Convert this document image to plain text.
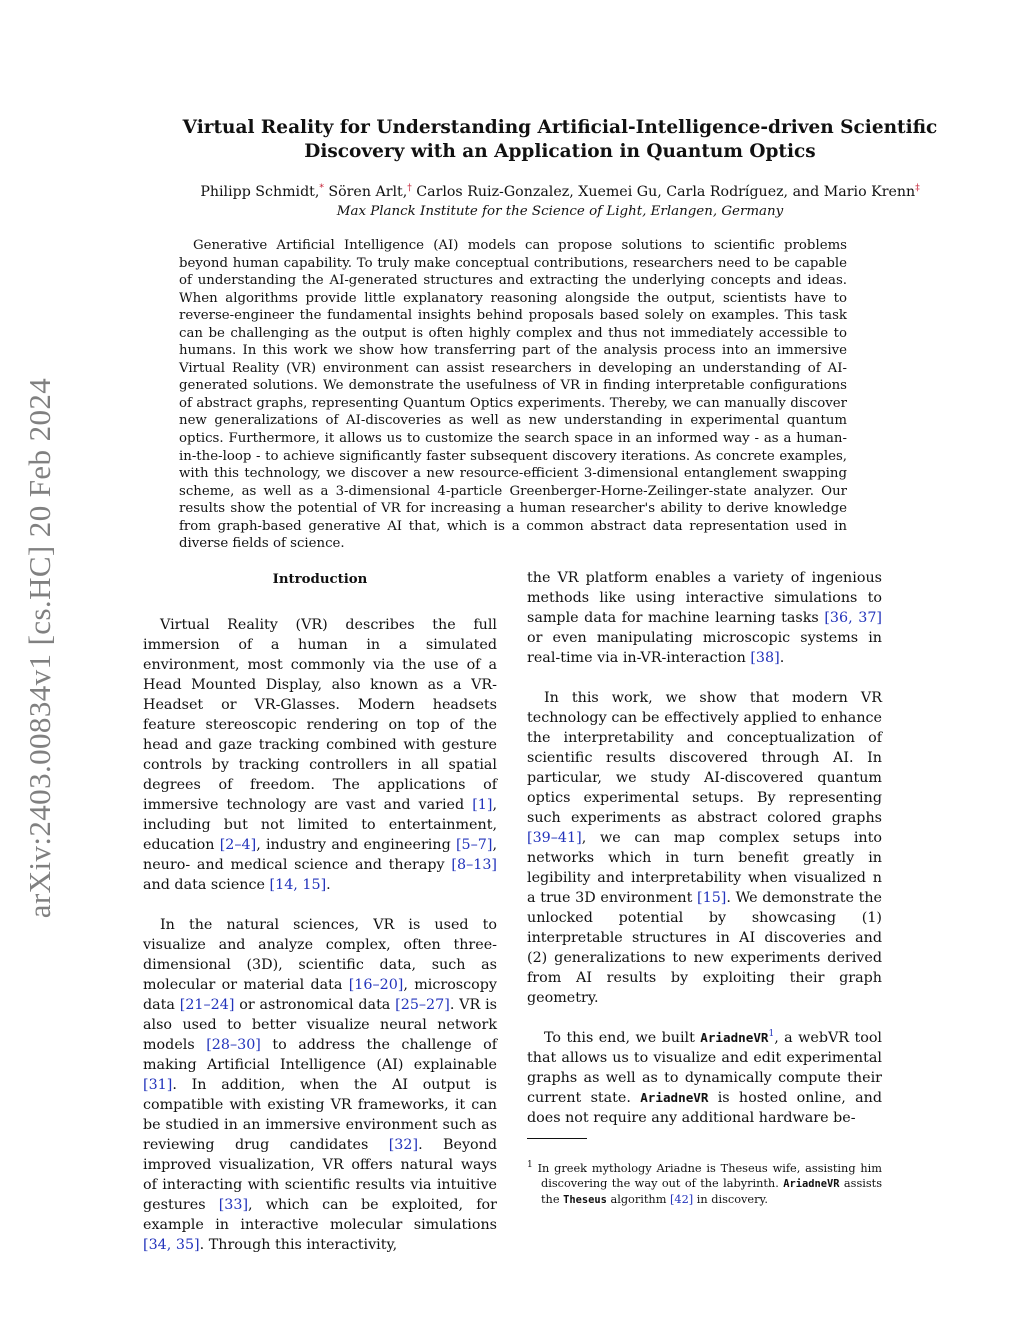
arXiv:2403.00834v1 [cs.HC] 20 Feb 2024
Virtual Reality for Understanding Artificial-Intelligence-driven Scientific
Discovery with an Application in Quantum Optics
Philipp Schmidt,* Sören Arlt,† Carlos Ruiz-Gonzalez, Xuemei Gu, Carla Rodríguez, and Mario Krenn‡
Max Planck Institute for the Science of Light, Erlangen, Germany

Generative Artificial Intelligence (AI) models can propose solutions to scientific problems beyond human capability. To truly make conceptual contributions, researchers need to be capable of understanding the AI-generated structures and extracting the underlying concepts and ideas. When algorithms provide little explanatory reasoning alongside the output, scientists have to reverse-engineer the fundamental insights behind proposals based solely on examples. This task can be challenging as the output is often highly complex and thus not immediately accessible to humans. In this work we show how transferring part of the analysis process into an immersive Virtual Reality (VR) environment can assist researchers in developing an understanding of AI-generated solutions. We demonstrate the usefulness of VR in finding interpretable configurations of abstract graphs, representing Quantum Optics experiments. Thereby, we can manually discover new generalizations of AI-discoveries as well as new understanding in experimental quantum optics. Furthermore, it allows us to customize the search space in an informed way - as a human-in-the-loop - to achieve significantly faster subsequent discovery iterations. As concrete examples, with this technology, we discover a new resource-efficient 3-dimensional entanglement swapping scheme, as well as a 3-dimensional 4-particle Greenberger-Horne-Zeilinger-state analyzer. Our results show the potential of VR for increasing a human researcher's ability to derive knowledge from graph-based generative AI that, which is a common abstract data representation used in diverse fields of science.

Introduction

Virtual Reality (VR) describes the full immersion of a human in a simulated environment, most commonly via the use of a Head Mounted Display, also known as a VR-Headset or VR-Glasses. Modern headsets feature stereoscopic rendering on top of the head and gaze tracking combined with gesture controls by tracking controllers in all spatial degrees of freedom. The applications of immersive technology are vast and varied [1], including but not limited to entertainment, education [2–4], industry and engineering [5–7], neuro- and medical science and therapy [8–13] and data science [14, 15].

In the natural sciences, VR is used to visualize and analyze complex, often three-dimensional (3D), scientific data, such as molecular or material data [16–20], microscopy data [21–24] or astronomical data [25–27]. VR is also used to better visualize neural network models [28–30] to address the challenge of making Artificial Intelligence (AI) explainable [31]. In addition, when the AI output is compatible with existing VR frameworks, it can be studied in an immersive environment such as reviewing drug candidates [32]. Beyond improved visualization, VR offers natural ways of interacting with scientific results via intuitive gestures [33], which can be exploited, for example in interactive molecular simulations [34, 35]. Through this interactivity,

the VR platform enables a variety of ingenious methods like using interactive simulations to sample data for machine learning tasks [36, 37] or even manipulating microscopic systems in real-time via in-VR-interaction [38].

In this work, we show that modern VR technology can be effectively applied to enhance the interpretability and conceptualization of scientific results discovered through AI. In particular, we study AI-discovered quantum optics experimental setups. By representing such experiments as abstract colored graphs [39–41], we can map complex setups into networks which in turn benefit greatly in legibility and interpretability when visualized n a true 3D environment [15]. We demonstrate the unlocked potential by showcasing (1) interpretable structures in AI discoveries and (2) generalizations to new experiments derived from AI results by exploiting their graph geometry.

To this end, we built AriadneVR$^1$, a webVR tool that allows us to visualize and edit experimental graphs as well as to dynamically compute their current state. AriadneVR is hosted online, and does not require any additional hardware be-

$^1$ In greek mythology Ariadne is Theseus wife, assisting him discovering the way out of the labyrinth. AriadneVR assists the Theseus algorithm [42] in discovery.
